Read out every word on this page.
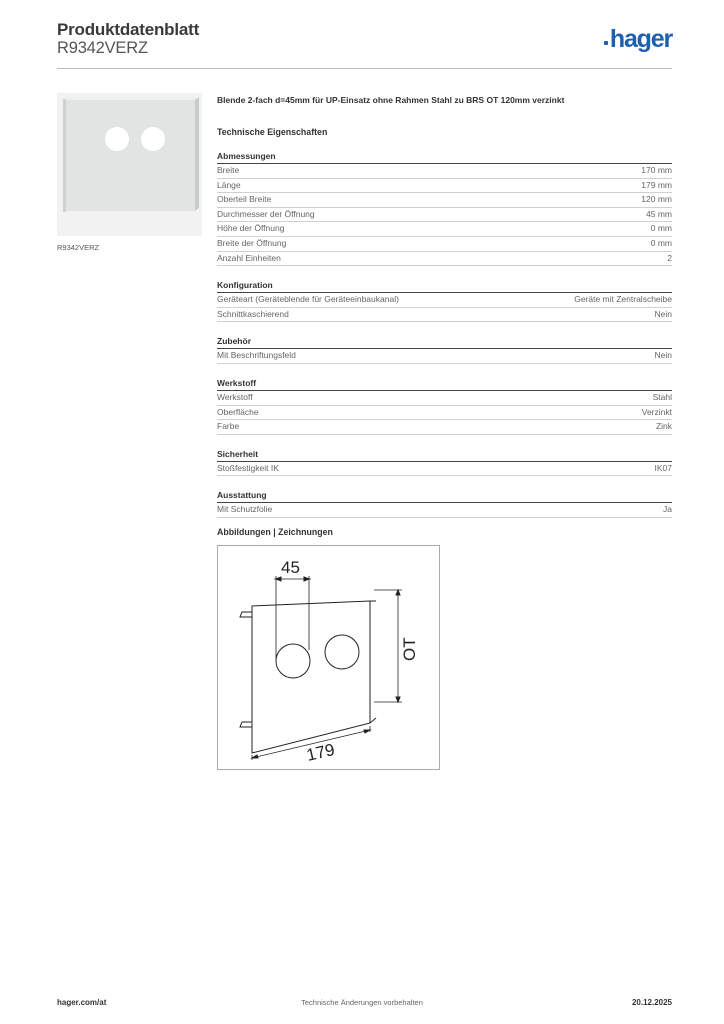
Produktdatenblatt
R9342VERZ	hager
R9342VERZ
Blende 2-fach d=45mm für UP-Einsatz ohne Rahmen Stahl zu BRS OT 120mm verzinkt
Technische Eigenschaften
Abmessungen
Breite	170 mm
Länge	179 mm
Oberteil Breite	120 mm
Durchmesser der Öffnung	45 mm
Höhe der Öffnung	0 mm
Breite der Öffnung	0 mm
Anzahl Einheiten	2
Konfiguration
Geräteart (Geräteblende für Geräteeinbaukanal)	Geräte mit Zentralscheibe
Schnittkaschierend	Nein
Zubehör
Mit Beschriftungsfeld	Nein
Werkstoff
Werkstoff	Stahl
Oberfläche	Verzinkt
Farbe	Zink
Sicherheit
Stoßfestigkeit IK	IK07
Ausstattung
Mit Schutzfolie	Ja
Abbildungen | Zeichnungen
45
OT
179
hager.com/at	Technische Änderungen vorbehalten	20.12.2025
